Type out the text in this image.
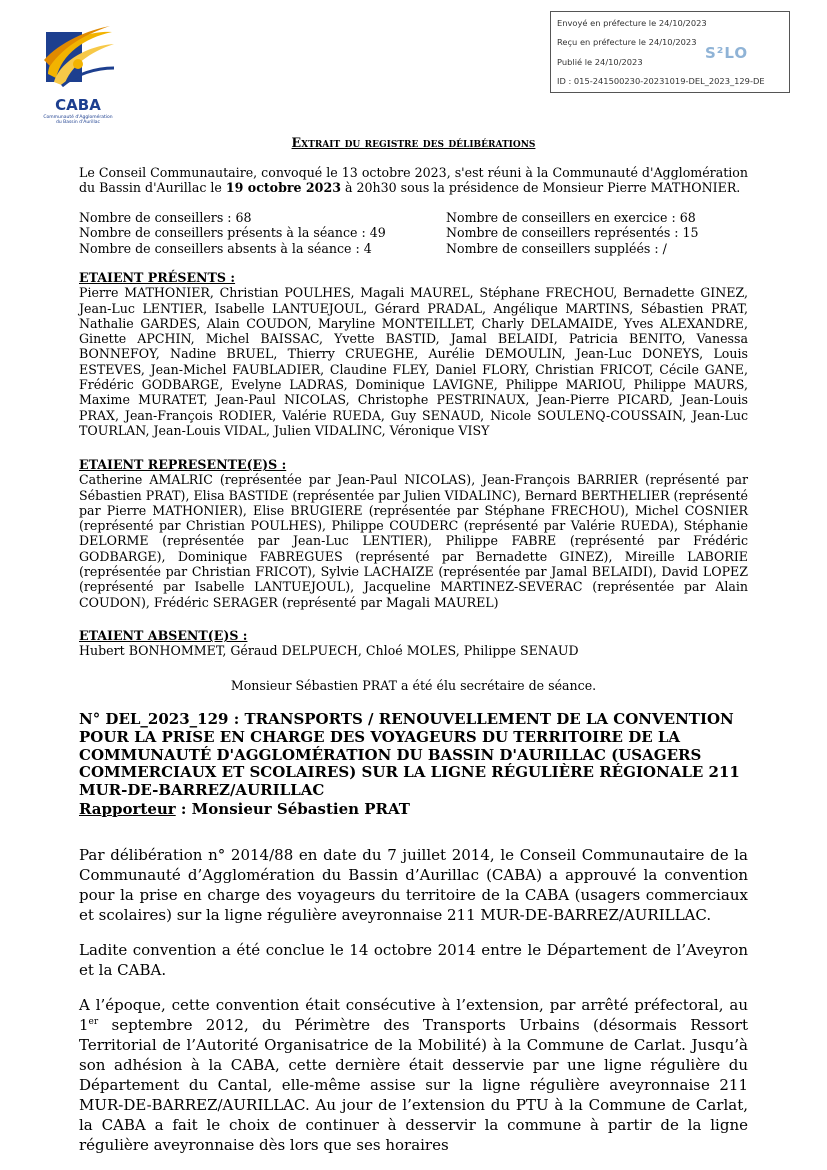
CABA
Communauté d'Agglomération du Bassin d'Aurillac
Envoyé en préfecture le 24/10/2023
Reçu en préfecture le 24/10/2023
Publié le 24/10/2023
ID : 015-241500230-20231019-DEL_2023_129-DE
S²LO
Extrait du registre des délibérations

Le Conseil Communautaire, convoqué le 13 octobre 2023, s'est réuni à la Communauté d'Agglomération du Bassin d'Aurillac le 19 octobre 2023 à 20h30 sous la présidence de Monsieur Pierre MATHONIER.

Nombre de conseillers : 68	Nombre de conseillers en exercice : 68
Nombre de conseillers présents à la séance : 49	Nombre de conseillers représentés : 15
Nombre de conseillers absents à la séance : 4	Nombre de conseillers suppléés : /

ETAIENT PRÉSENTS :

Pierre MATHONIER, Christian POULHES, Magali MAUREL, Stéphane FRECHOU, Bernadette GINEZ, Jean-Luc LENTIER, Isabelle LANTUEJOUL, Gérard PRADAL, Angélique MARTINS, Sébastien PRAT, Nathalie GARDES, Alain COUDON, Maryline MONTEILLET, Charly DELAMAIDE, Yves ALEXANDRE, Ginette APCHIN, Michel BAISSAC, Yvette BASTID, Jamal BELAIDI, Patricia BENITO, Vanessa BONNEFOY, Nadine BRUEL, Thierry CRUEGHE, Aurélie DEMOULIN, Jean-Luc DONEYS, Louis ESTEVES, Jean-Michel FAUBLADIER, Claudine FLEY, Daniel FLORY, Christian FRICOT, Cécile GANE, Frédéric GODBARGE, Evelyne LADRAS, Dominique LAVIGNE, Philippe MARIOU, Philippe MAURS, Maxime MURATET, Jean-Paul NICOLAS, Christophe PESTRINAUX, Jean-Pierre PICARD, Jean-Louis PRAX, Jean-François RODIER, Valérie RUEDA, Guy SENAUD, Nicole SOULENQ-COUSSAIN, Jean-Luc TOURLAN, Jean-Louis VIDAL, Julien VIDALINC, Véronique VISY

ETAIENT REPRESENTE(E)S :

Catherine AMALRIC (représentée par Jean-Paul NICOLAS), Jean-François BARRIER (représenté par Sébastien PRAT), Elisa BASTIDE (représentée par Julien VIDALINC), Bernard BERTHELIER (représenté par Pierre MATHONIER), Elise BRUGIERE (représentée par Stéphane FRECHOU), Michel COSNIER (représenté par Christian POULHES), Philippe COUDERC (représenté par Valérie RUEDA), Stéphanie DELORME (représentée par Jean-Luc LENTIER), Philippe FABRE (représenté par Frédéric GODBARGE), Dominique FABREGUES (représenté par Bernadette GINEZ), Mireille LABORIE (représentée par Christian FRICOT), Sylvie LACHAIZE (représentée par Jamal BELAIDI), David LOPEZ (représenté par Isabelle LANTUEJOUL), Jacqueline MARTINEZ-SEVERAC (représentée par Alain COUDON), Frédéric SERAGER (représenté par Magali MAUREL)

ETAIENT ABSENT(E)S :

Hubert BONHOMMET, Géraud DELPUECH, Chloé MOLES, Philippe SENAUD

Monsieur Sébastien PRAT a été élu secrétaire de séance.

N° DEL_2023_129 : TRANSPORTS / RENOUVELLEMENT DE LA CONVENTION POUR LA PRISE EN CHARGE DES VOYAGEURS DU TERRITOIRE DE LA COMMUNAUTÉ D'AGGLOMÉRATION DU BASSIN D'AURILLAC (USAGERS COMMERCIAUX ET SCOLAIRES) SUR LA LIGNE RÉGULIÈRE RÉGIONALE 211 MUR-DE-BARREZ/AURILLAC

Rapporteur : Monsieur Sébastien PRAT

Par délibération n° 2014/88 en date du 7 juillet 2014, le Conseil Communautaire de la Communauté d’Agglomération du Bassin d’Aurillac (CABA) a approuvé la convention pour la prise en charge des voyageurs du territoire de la CABA (usagers commerciaux et scolaires) sur la ligne régulière aveyronnaise 211 MUR-DE-BARREZ/AURILLAC.

Ladite convention a été conclue le 14 octobre 2014 entre le Département de l’Aveyron et la CABA.

A l’époque, cette convention était consécutive à l’extension, par arrêté préfectoral, au 1er septembre 2012, du Périmètre des Transports Urbains (désormais Ressort Territorial de l’Autorité Organisatrice de la Mobilité) à la Commune de Carlat. Jusqu’à son adhésion à la CABA, cette dernière était desservie par une ligne régulière du Département du Cantal, elle-même assise sur la ligne régulière aveyronnaise 211 MUR-DE-BARREZ/AURILLAC. Au jour de l’extension du PTU à la Commune de Carlat, la CABA a fait le choix de continuer à desservir la commune à partir de la ligne régulière aveyronnaise dès lors que ses horaires
